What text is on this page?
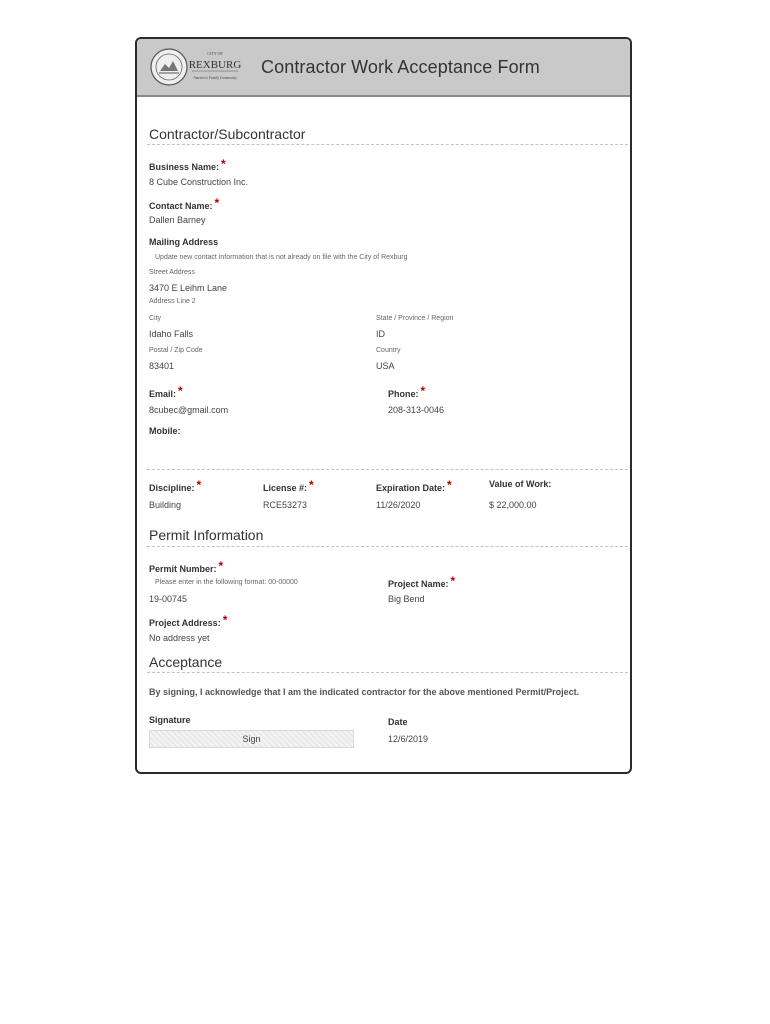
CITY OF
REXBURG
America's Family Community
Contractor Work Acceptance Form
Contractor/Subcontractor
Business Name: *
8 Cube Construction Inc.
Contact Name: *
Dallen Barney
Mailing Address
Update new contact information that is not already on file with the City of Rexburg
Street Address
3470 E Leihm Lane
Address Line 2
City
Idaho Falls
State / Province / Region
ID
Postal / Zip Code
83401
Country
USA
Email: *
8cubec@gmail.com
Phone: *
208-313-0046
Mobile:
Discipline: *
Building
License #: *
RCE53273
Expiration Date: *
11/26/2020
Value of Work:
$ 22,000.00
Permit Information
Permit Number: *
Please enter in the following format: 00-00000
19-00745
Project Name: *
Big Bend
Project Address: *
No address yet
Acceptance
By signing, I acknowledge that I am the indicated contractor for the above mentioned Permit/Project.
Signature
Sign
Date
12/6/2019
